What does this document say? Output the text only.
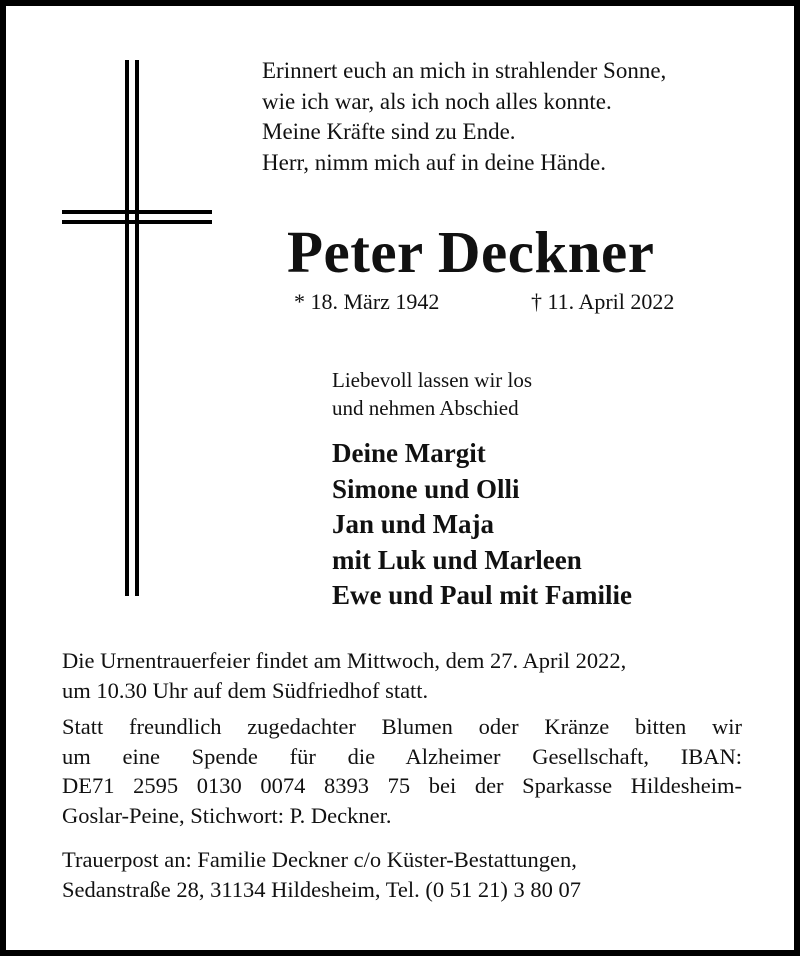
Erinnert euch an mich in strahlender Sonne,
wie ich war, als ich noch alles konnte.
Meine Kräfte sind zu Ende.
Herr, nimm mich auf in deine Hände.
Peter Deckner
* 18. März 1942	† 11. April 2022
Liebevoll lassen wir los
und nehmen Abschied
Deine Margit
Simone und Olli
Jan und Maja
mit Luk und Marleen
Ewe und Paul mit Familie
Die Urnentrauerfeier findet am Mittwoch, dem 27. April 2022,
um 10.30 Uhr auf dem Südfriedhof statt.
Statt freundlich zugedachter Blumen oder Kränze bitten wir
um eine Spende für die Alzheimer Gesellschaft, IBAN:
DE71 2595 0130 0074 8393 75 bei der Sparkasse Hildesheim-
Goslar-Peine, Stichwort: P. Deckner.
Trauerpost an: Familie Deckner c/o Küster-Bestattungen,
Sedanstraße 28, 31134 Hildesheim, Tel. (0 51 21) 3 80 07
